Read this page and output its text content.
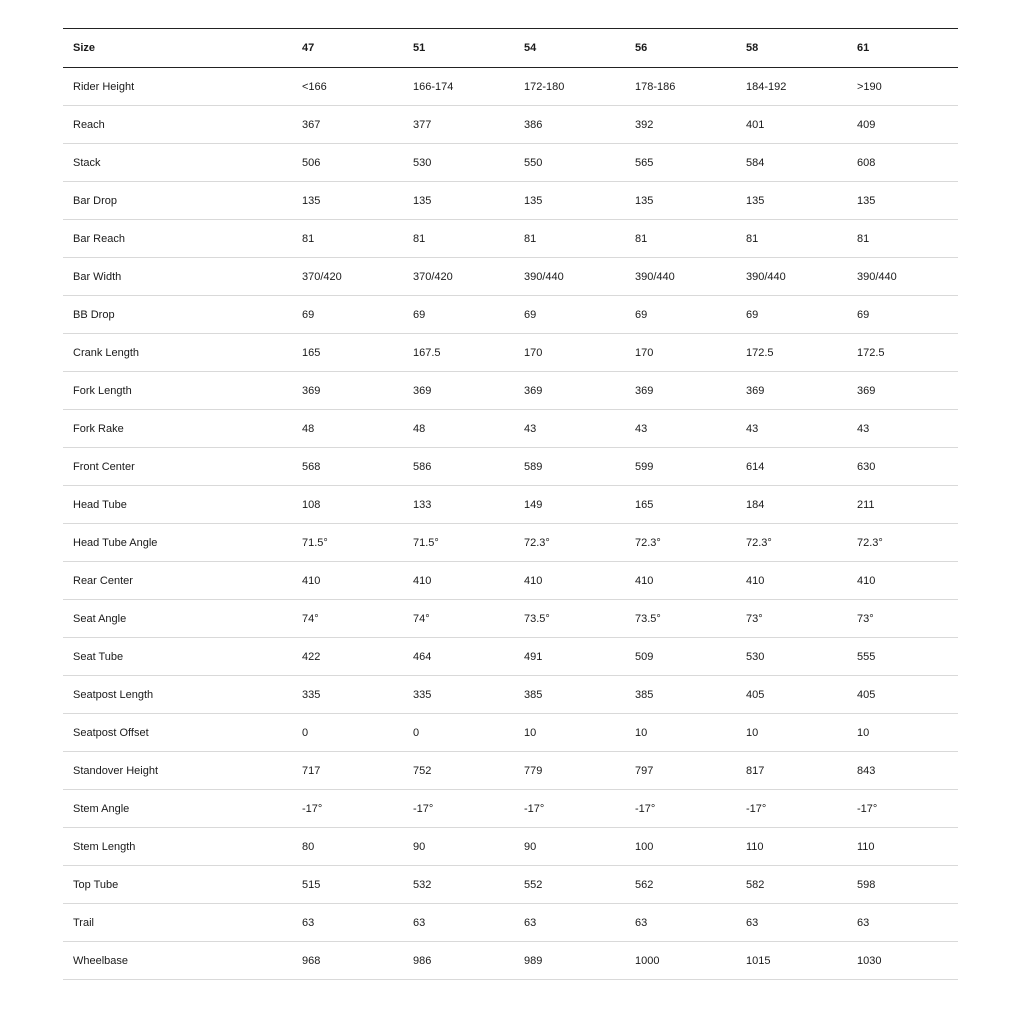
Size	47	51	54	56	58	61
Rider Height	<166	166-174	172-180	178-186	184-192	>190
Reach	367	377	386	392	401	409
Stack	506	530	550	565	584	608
Bar Drop	135	135	135	135	135	135
Bar Reach	81	81	81	81	81	81
Bar Width	370/420	370/420	390/440	390/440	390/440	390/440
BB Drop	69	69	69	69	69	69
Crank Length	165	167.5	170	170	172.5	172.5
Fork Length	369	369	369	369	369	369
Fork Rake	48	48	43	43	43	43
Front Center	568	586	589	599	614	630
Head Tube	108	133	149	165	184	211
Head Tube Angle	71.5°	71.5°	72.3°	72.3°	72.3°	72.3°
Rear Center	410	410	410	410	410	410
Seat Angle	74°	74°	73.5°	73.5°	73°	73°
Seat Tube	422	464	491	509	530	555
Seatpost Length	335	335	385	385	405	405
Seatpost Offset	0	0	10	10	10	10
Standover Height	717	752	779	797	817	843
Stem Angle	-17°	-17°	-17°	-17°	-17°	-17°
Stem Length	80	90	90	100	110	110
Top Tube	515	532	552	562	582	598
Trail	63	63	63	63	63	63
Wheelbase	968	986	989	1000	1015	1030
